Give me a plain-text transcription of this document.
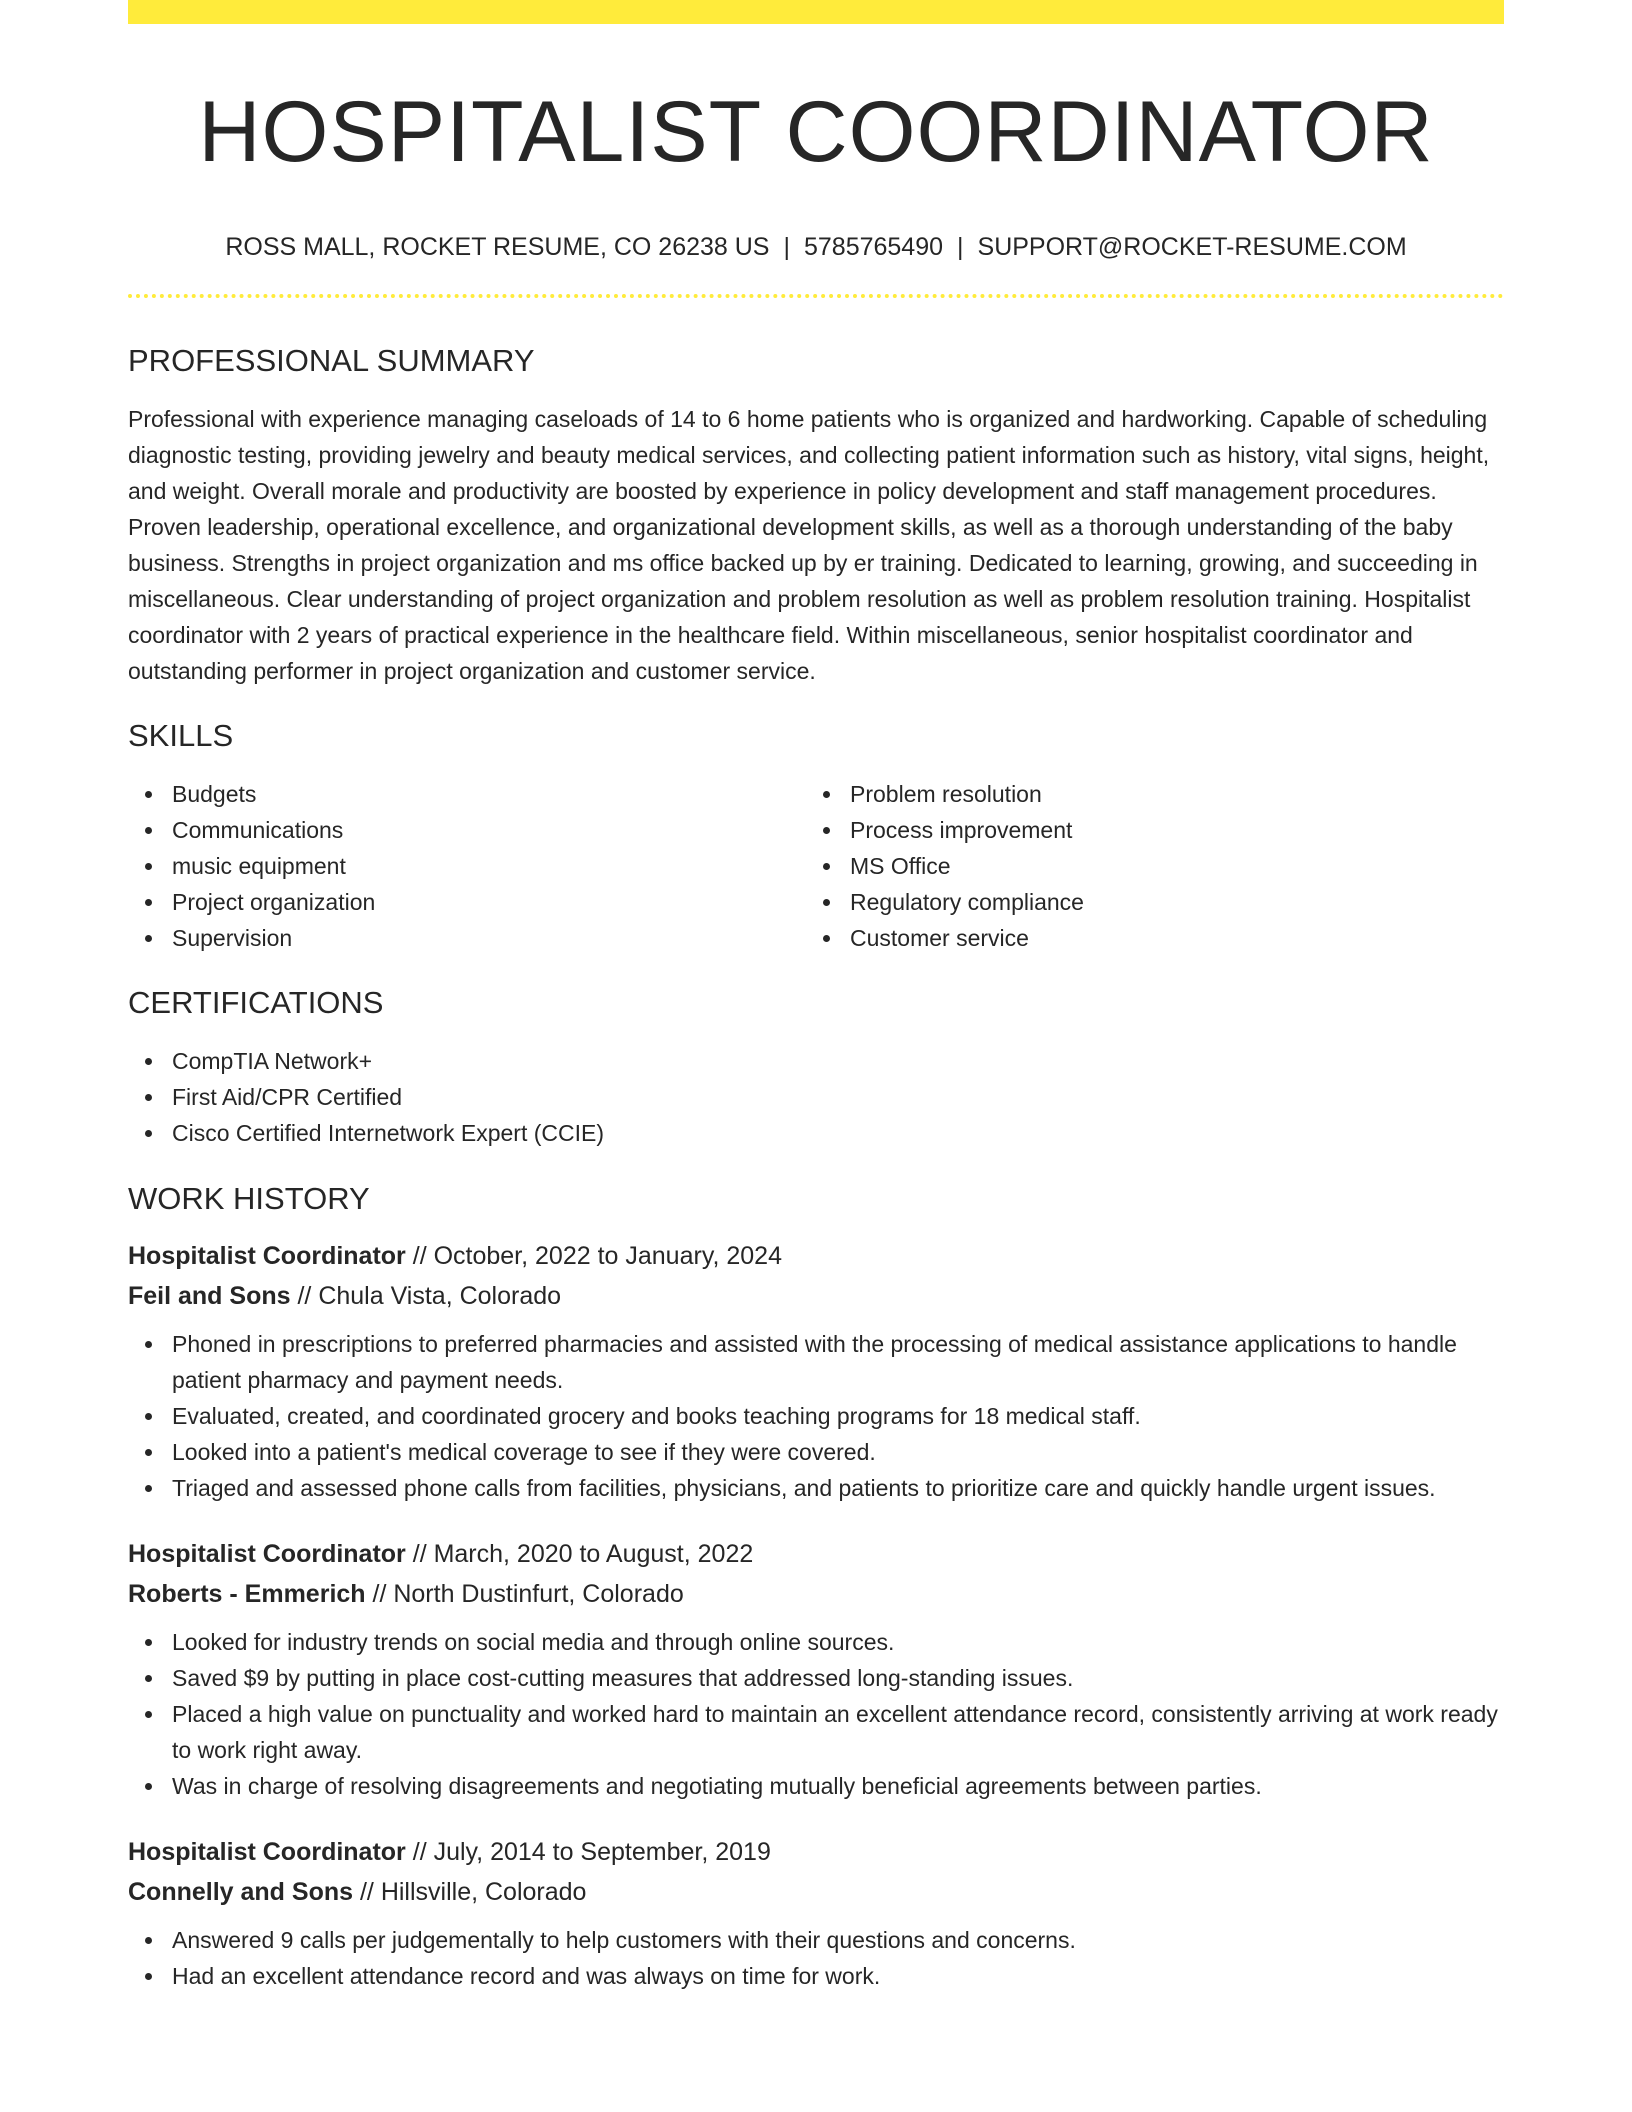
HOSPITALIST COORDINATOR
ROSS MALL, ROCKET RESUME, CO 26238 US | 5785765490 | SUPPORT@ROCKET-RESUME.COM
PROFESSIONAL SUMMARY

Professional with experience managing caseloads of 14 to 6 home patients who is organized and hardworking. Capable of scheduling diagnostic testing, providing jewelry and beauty medical services, and collecting patient information such as history, vital signs, height, and weight. Overall morale and productivity are boosted by experience in policy development and staff management procedures. Proven leadership, operational excellence, and organizational development skills, as well as a thorough understanding of the baby business. Strengths in project organization and ms office backed up by er training. Dedicated to learning, growing, and succeeding in miscellaneous. Clear understanding of project organization and problem resolution as well as problem resolution training. Hospitalist coordinator with 2 years of practical experience in the healthcare field. Within miscellaneous, senior hospitalist coordinator and outstanding performer in project organization and customer service.

SKILLS
Budgets
Communications
music equipment
Project organization
Supervision
Problem resolution
Process improvement
MS Office
Regulatory compliance
Customer service
CERTIFICATIONS
CompTIA Network+
First Aid/CPR Certified
Cisco Certified Internetwork Expert (CCIE)
WORK HISTORY
Hospitalist Coordinator // October, 2022 to January, 2024
Feil and Sons // Chula Vista, Colorado
Phoned in prescriptions to preferred pharmacies and assisted with the processing of medical assistance applications to handle patient pharmacy and payment needs.
Evaluated, created, and coordinated grocery and books teaching programs for 18 medical staff.
Looked into a patient's medical coverage to see if they were covered.
Triaged and assessed phone calls from facilities, physicians, and patients to prioritize care and quickly handle urgent issues.
Hospitalist Coordinator // March, 2020 to August, 2022
Roberts - Emmerich // North Dustinfurt, Colorado
Looked for industry trends on social media and through online sources.
Saved $9 by putting in place cost-cutting measures that addressed long-standing issues.
Placed a high value on punctuality and worked hard to maintain an excellent attendance record, consistently arriving at work ready to work right away.
Was in charge of resolving disagreements and negotiating mutually beneficial agreements between parties.
Hospitalist Coordinator // July, 2014 to September, 2019
Connelly and Sons // Hillsville, Colorado
Answered 9 calls per judgementally to help customers with their questions and concerns.
Had an excellent attendance record and was always on time for work.
